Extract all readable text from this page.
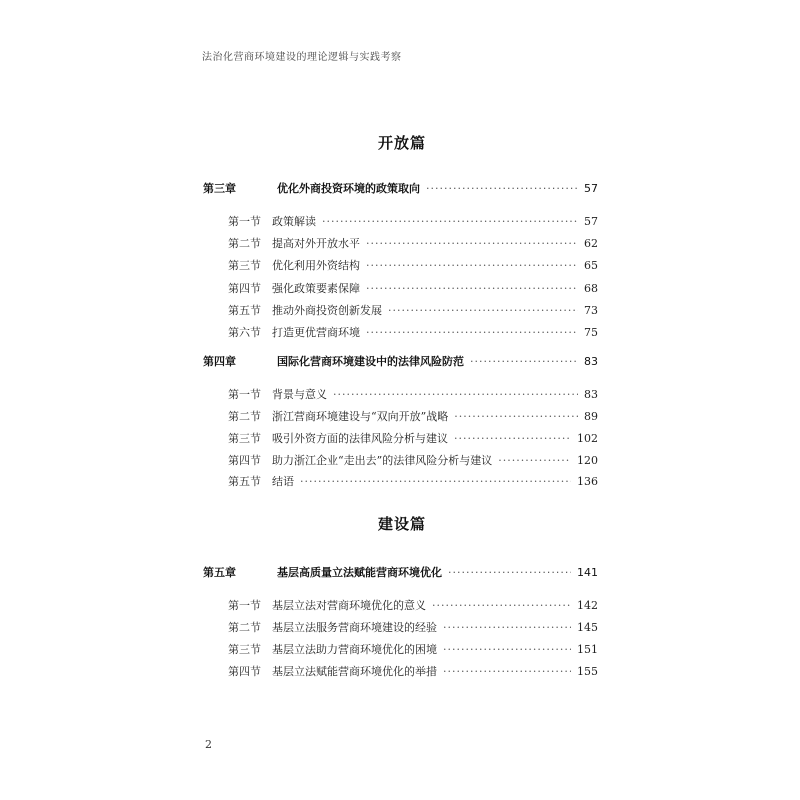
法治化营商环境建设的理论逻辑与实践考察
开放篇
第三章	优化外商投资环境的政策取向 ·····	57
第一节	政策解读 ·····	57
第二节	提高对外开放水平 ·····	62
第三节	优化利用外资结构 ·····	65
第四节	强化政策要素保障 ·····	68
第五节	推动外商投资创新发展 ·····	73
第六节	打造更优营商环境 ·····	75
第四章	国际化营商环境建设中的法律风险防范 ·····	83
第一节	背景与意义 ·····	83
第二节	浙江营商环境建设与“双向开放”战略 ·····	89
第三节	吸引外资方面的法律风险分析与建议 ·····	102
第四节	助力浙江企业“走出去”的法律风险分析与建议 ·····	120
第五节	结语 ·····	136
建设篇
第五章	基层高质量立法赋能营商环境优化 ·····	141
第一节	基层立法对营商环境优化的意义 ·····	142
第二节	基层立法服务营商环境建设的经验 ·····	145
第三节	基层立法助力营商环境优化的困境 ·····	151
第四节	基层立法赋能营商环境优化的举措 ·····	155
2
